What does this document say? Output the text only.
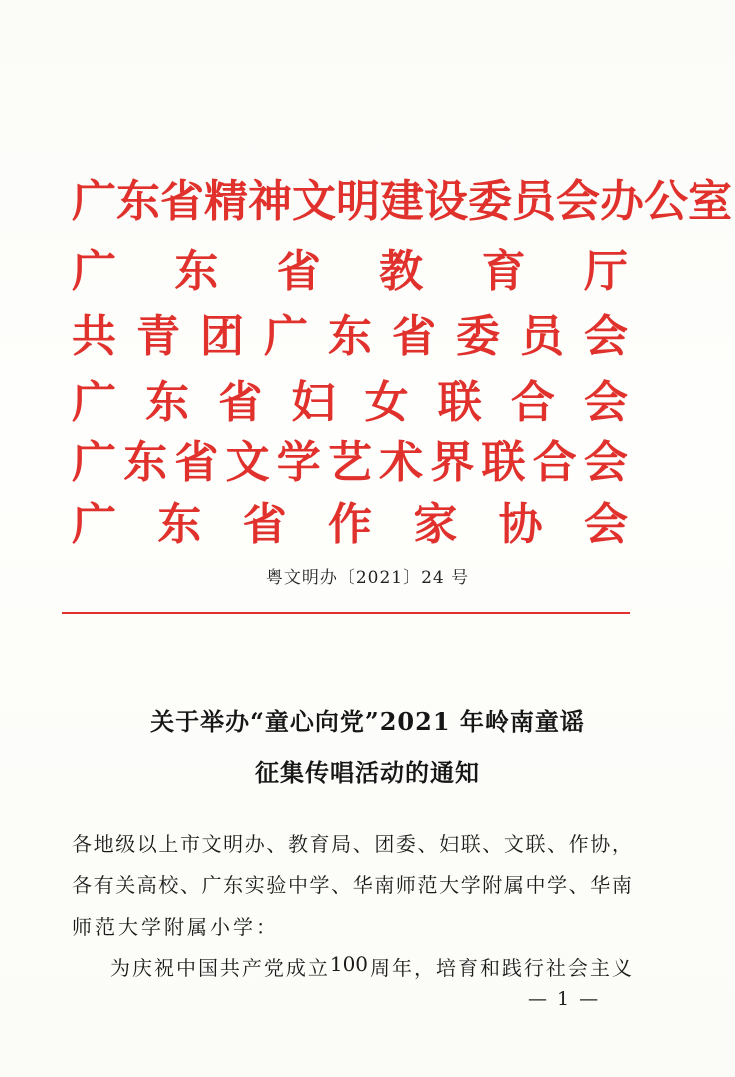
广 东 省 精 神 文 明 建 设 委 员 会 办 公 室
广 东 省 教 育 厅
共 青 团 广 东 省 委 员 会
广 东 省 妇 女 联 合 会
广 东 省 文 学 艺 术 界 联 合 会
广 东 省 作 家 协 会
粤文明办〔2021〕24 号
关于举办“童心向党”2021 年岭南童谣
征集传唱活动的通知
各 地 级 以 上 市 文 明 办 、 教 育 局 、 团 委 、 妇 联 、 文 联 、 作 协 ，
各 有 关 高 校 、 广 东 实 验 中 学 、 华 南 师 范 大 学 附 属 中 学 、 华 南
师范大学附属小学：
为 庆 祝 中 国 共 产 党 成 立 100 周 年 ， 培 育 和 践 行 社 会 主 义
— 1 —
